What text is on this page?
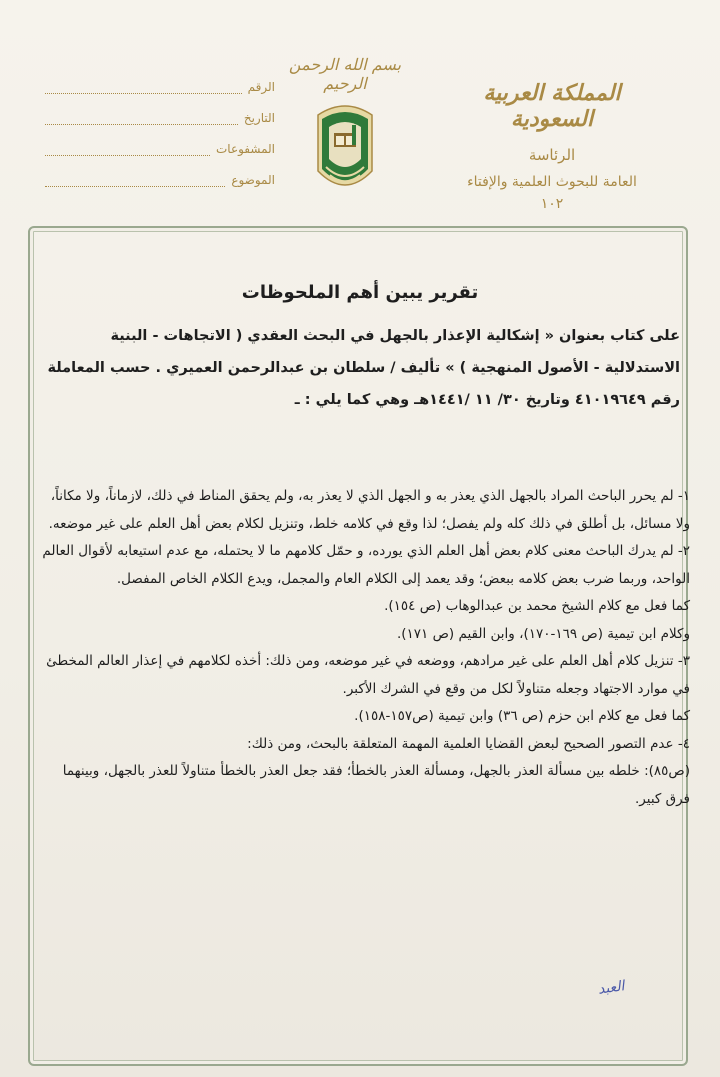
المملكة العربية السعودية
الرئاسة
العامة للبحوث العلمية والإفتاء
١٠٢
بسم الله الرحمن الرحيم
الرقم
التاريخ
المشفوعات
الموضوع
تقرير يبين أهم الملحوظات

على كتاب بعنوان « إشكالية الإعذار بالجهل في البحث العقدي ( الاتجاهات - البنية

الاستدلالية - الأصول المنهجية ) » تأليف / سلطان بن عبدالرحمن العميري . حسب المعاملة

رقم ٤١٠١٩٦٤٩ وتاريخ ٣٠/ ١١ /١٤٤١هـ وهي كما يلي : ـ

١- لم يحرر الباحث المراد بالجهل الذي يعذر به و الجهل الذي لا يعذر به، ولم يحقق المناط في ذلك، لازماناً، ولا مكاناً، ولا مسائل، بل أطلق في ذلك كله ولم يفصل؛ لذا وقع في كلامه خلط، وتنزيل لكلام بعض أهل العلم على غير موضعه.

٢- لم يدرك الباحث معنى كلام بعض أهل العلم الذي يورده، و حمّل كلامهم ما لا يحتمله، مع عدم استيعابه لأقوال العالم الواحد، وربما ضرب بعض كلامه ببعض؛ وقد يعمد إلى الكلام العام والمجمل، ويدع الكلام الخاص المفصل.

كما فعل مع كلام الشيخ محمد بن عبدالوهاب (ص ١٥٤).

وكلام ابن تيمية (ص ١٦٩-١٧٠)، وابن القيم (ص ١٧١).

٣- تنزيل كلام أهل العلم على غير مرادهم، ووضعه في غير موضعه، ومن ذلك: أخذه لكلامهم في إعذار العالم المخطئ في موارد الاجتهاد وجعله متناولاً لكل من وقع في الشرك الأكبر.

كما فعل مع كلام ابن حزم (ص ٣٦) وابن تيمية (ص١٥٧-١٥٨).

٤- عدم التصور الصحيح لبعض القضايا العلمية المهمة المتعلقة بالبحث، ومن ذلك:

(ص٨٥): خلطه بين مسألة العذر بالجهل، ومسألة العذر بالخطأ؛ فقد جعل العذر بالخطأ متناولاً للعذر بالجهل، وبينهما فرق كبير.

العبد
